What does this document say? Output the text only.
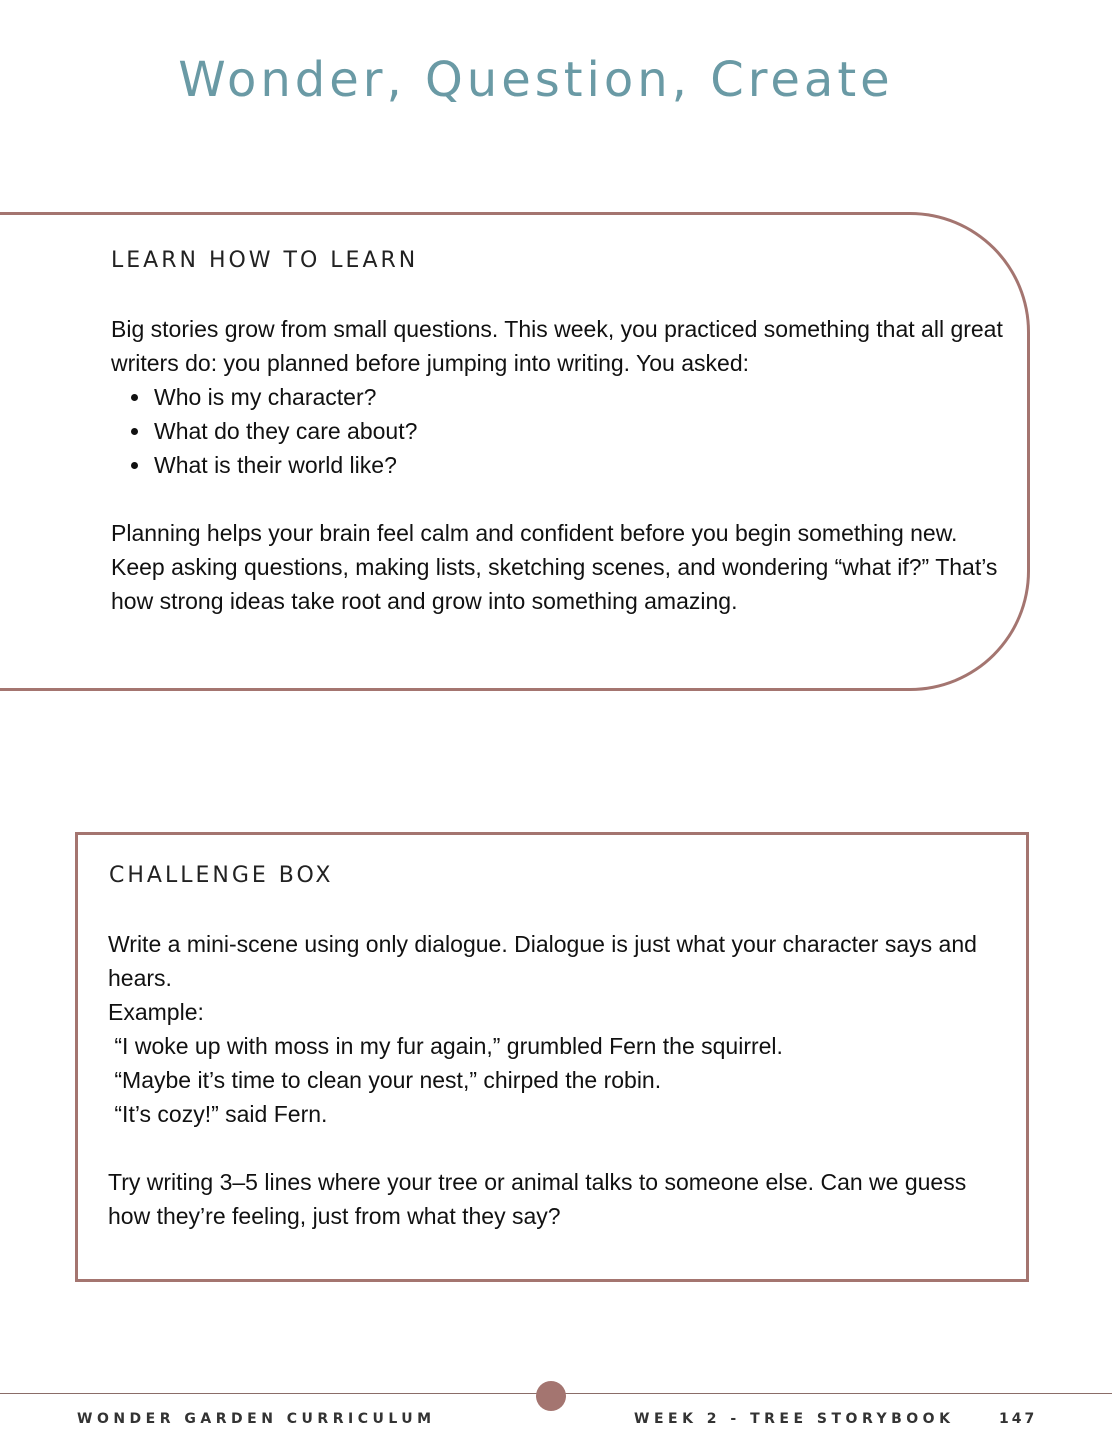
Wonder, Question, Create
LEARN HOW TO LEARN

Big stories grow from small questions. This week, you practiced something that all great writers do: you planned before jumping into writing. You asked:

Who is my character?
What do they care about?
What is their world like?

Planning helps your brain feel calm and confident before you begin something new. Keep asking questions, making lists, sketching scenes, and wondering “what if?” That’s how strong ideas take root and grow into something amazing.

CHALLENGE BOX
Write a mini-scene using only dialogue. Dialogue is just what your character says and hears.
Example:
“I woke up with moss in my fur again,” grumbled Fern the squirrel.
“Maybe it’s time to clean your nest,” chirped the robin.
“It’s cozy!” said Fern.

Try writing 3–5 lines where your tree or animal talks to someone else. Can we guess how they’re feeling, just from what they say?

WONDER GARDEN CURRICULUM	WEEK 2 - TREE STORYBOOK	147
